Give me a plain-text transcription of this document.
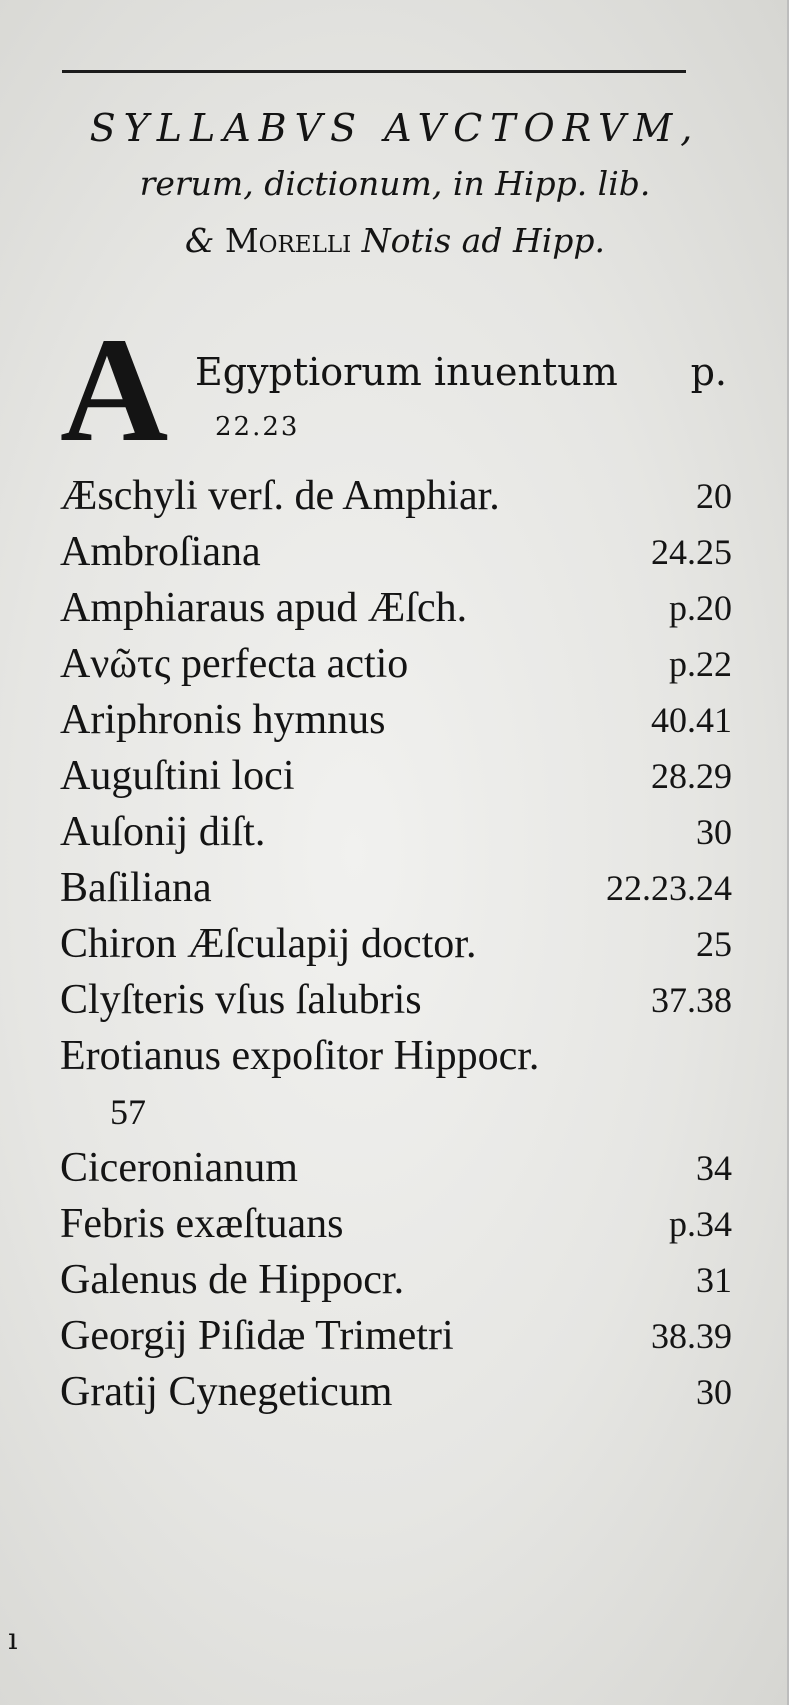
SYLLABVS AVCTORVM,
rerum, dictionum, in Hipp. lib.
& Morelli Notis ad Hipp.
A Egyptiorum inuentum p.
22.23
Æschyli verſ. de Amphiar.	20
Ambroſiana	24.25
Amphiaraus apud Æſch.	p.20
Aνῶτς perfecta actio	p.22
Ariphronis hymnus	40.41
Auguſtini loci	28.29
Auſonij diſt.	30
Baſiliana	22.23.24
Chiron Æſculapij doctor.	25
Clyſteris vſus ſalubris	37.38
Erotianus expoſitor Hippocr.
57
Ciceronianum	34
Febris exæſtuans	p.34
Galenus de Hippocr.	31
Georgij Piſidæ Trimetri	38.39
Gratij Cynegeticum	30
ı
